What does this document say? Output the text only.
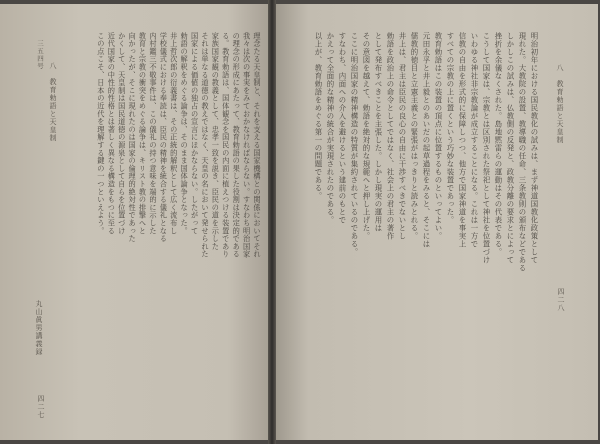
三五四号
八　教育勅語と天皇制
丸山眞男講義録
四二七
理念たる天皇制と、それを支える国家機構との関係においてそれ
我々は次の事実をみておかなければならない。すなわち明治国家
の理念の形成にあたって、教育勅語の果した役割は決定的である
る。教育勅語は、国体観念を国民の内面に植えつける装置であり
家族国家観の教義として、忠孝一致を説き、臣民の道を示した
それは単なる道徳の教えではなく、天皇の名において発せられた
国家による価値の独占の宣言にほかならない。したがって
勅語の解釈をめぐる論争は、そのまま国体論争となった。
井上哲次郎の衍義書は、その正統的解釈として広く流布し
学校儀式における奉読は、臣民の精神を統合する儀礼となる
内村鑑三不敬事件は、この儀礼の持つ意味を端的に示した
教育と宗教の衝突をめぐる論争は、キリスト教の排撃へと
向かったが、そこに現れたのは国家の倫理的絶対性であった
かくして、天皇制は国民道徳の源泉として自らを位置づけ
近代国家の中性的性格とは著しく異なる構造をもつに至る
この点こそ、日本の近代を理解する鍵の一つといえよう。	八　教育勅語と天皇制
四二八
明治初年における国民教化の試みは、まず神道国教化政策として
現れた。大教院の設置、教導職の任命、三条教則の頒布などである
しかしこの試みは、仏教側の反発と、政教分離の要求とによって
挫折を余儀なくされた。島地黙雷らの運動はその代表である。
こうして国家は、宗教とは区別された祭祀として神社を位置づけ
いわゆる神社非宗教論が成立することになる。これは一方で
信教の自由を形式的に保障しつつ、他方で国家神道を事実上
すべての宗教の上に置くという巧妙な装置であった。
教育勅語はこの装置の頂点に位置するものといってよい。
元田永孚と井上毅とのあいだの起草過程をみると、そこには
儒教的徳目と立憲主義との緊張がはっきりと読みとれる。
井上は、君主は臣民の良心の自由に干渉すべきでないとし
勅語を政治上の命令としてではなく、社会上の君主の著作
として発布すべきことを主張した。しかし現実の運用は
その意図を越えて、勅語を絶対的な規範へと押し上げた。
ここに明治国家の精神構造の特質が集約されているのである。
すなわち、内面への介入を避けるという建前のもとで
かえって全面的な精神の統合が実現されたのである。
以上が、教育勅語をめぐる第一の問題である。
